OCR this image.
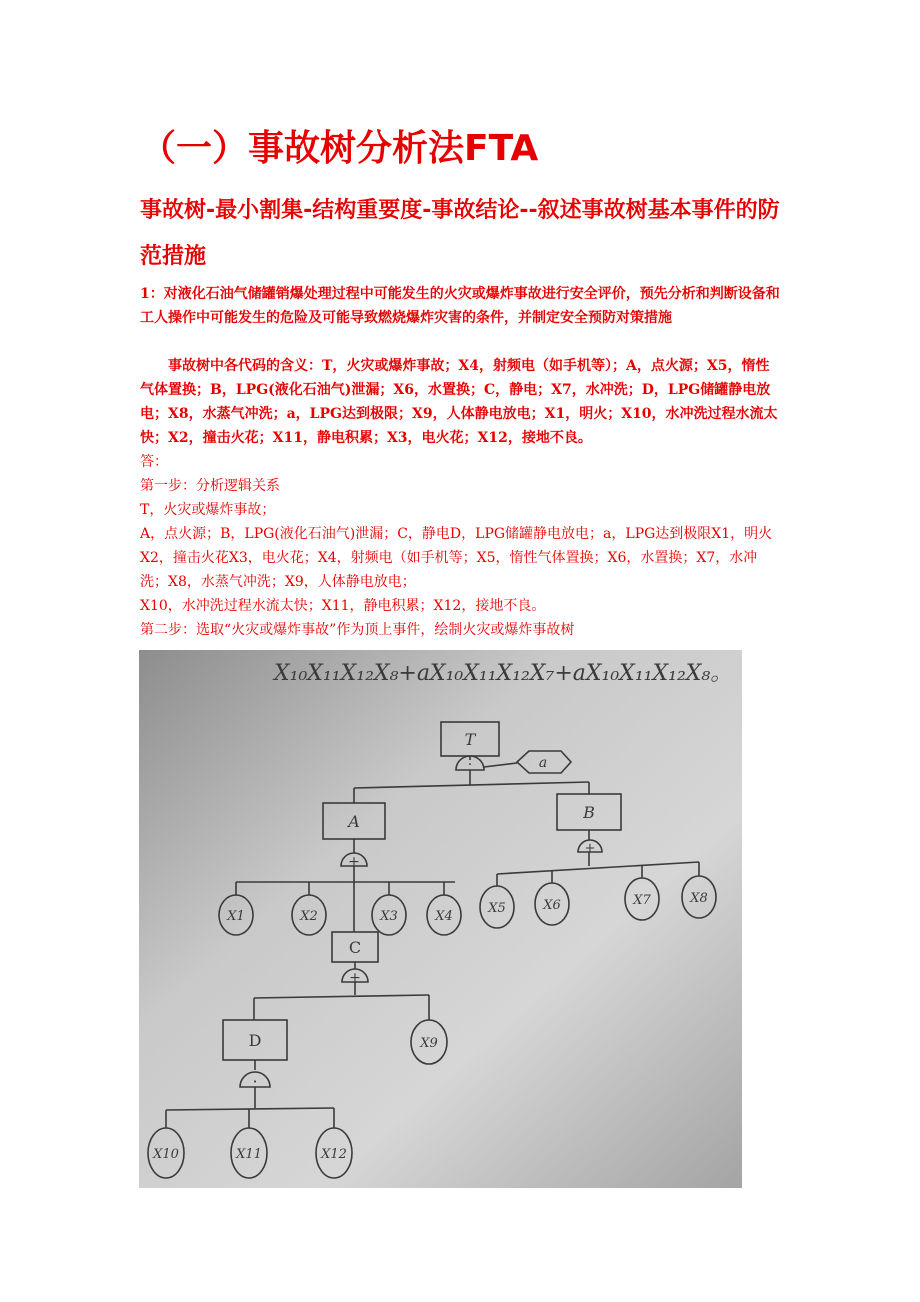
（一）事故树分析法FTA
事故树-最小割集-结构重要度-事故结论--叙述事故树基本事件的防范措施
1：对液化石油气储罐销爆处理过程中可能发生的火灾或爆炸事故进行安全评价，预先分析和判断设备和工人操作中可能发生的危险及可能导致燃烧爆炸灾害的条件，并制定安全预防对策措施
事故树中各代码的含义：T，火灾或爆炸事故；X4，射频电（如手机等）；A，点火源；X5，惰性气体置换；B，LPG(液化石油气)泄漏；X6，水置换；C，静电；X7，水冲洗；D，LPG储罐静电放电；X8，水蒸气冲洗；a，LPG达到极限；X9，人体静电放电；X1，明火；X10，水冲洗过程水流太快；X2，撞击火花；X11，静电积累；X3，电火花；X12，接地不良。
答：
第一步：分析逻辑关系
T，火灾或爆炸事故；
A，点火源；B，LPG(液化石油气)泄漏；C，静电D，LPG储罐静电放电；a，LPG达到极限X1，明火X2，撞击火花X3，电火花；X4，射频电（如手机等；X5，惰性气体置换；X6，水置换；X7，水冲洗；X8，水蒸气冲洗；X9，人体静电放电；
X10，水冲洗过程水流太快；X11，静电积累；X12，接地不良。
第二步：选取“火灾或爆炸事故”作为顶上事件，绘制火灾或爆炸事故树
X₁₀X₁₁X₁₂X₈+aX₁₀X₁₁X₁₂X₇+aX₁₀X₁₁X₁₂X₈。
T
a
·
A
+
B
+
C
+
D
·
X1	X2	X3	X4
X5	X6	X7	X8
X9
X10	X11	X12
